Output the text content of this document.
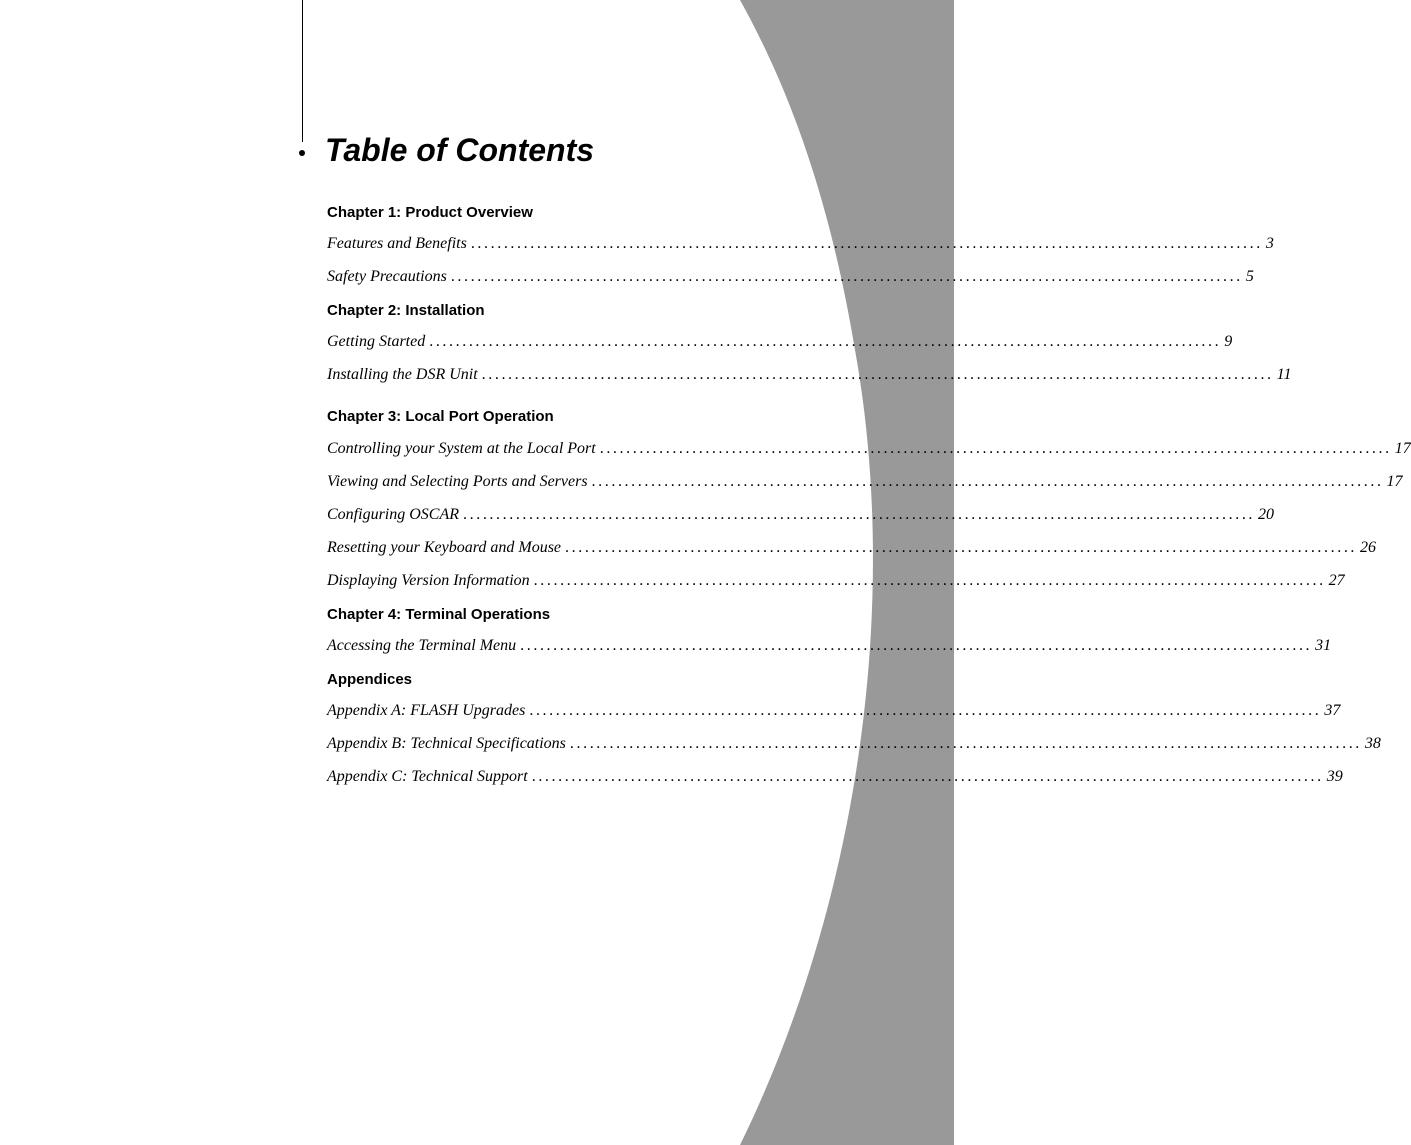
Table of Contents
Chapter 1: Product Overview
Features and Benefits ........................................................................................................................ 3
Safety Precautions ........................................................................................................................ 5
Chapter 2: Installation
Getting Started ........................................................................................................................ 9
Installing the DSR Unit ........................................................................................................................ 11
Chapter 3: Local Port Operation
Controlling your System at the Local Port ........................................................................................................................ 17
Viewing and Selecting Ports and Servers ........................................................................................................................ 17
Configuring OSCAR ........................................................................................................................ 20
Resetting your Keyboard and Mouse ........................................................................................................................ 26
Displaying Version Information ........................................................................................................................ 27
Chapter 4: Terminal Operations
Accessing the Terminal Menu ........................................................................................................................ 31
Appendices
Appendix A: FLASH Upgrades ........................................................................................................................ 37
Appendix B: Technical Specifications ........................................................................................................................ 38
Appendix C: Technical Support ........................................................................................................................ 39
